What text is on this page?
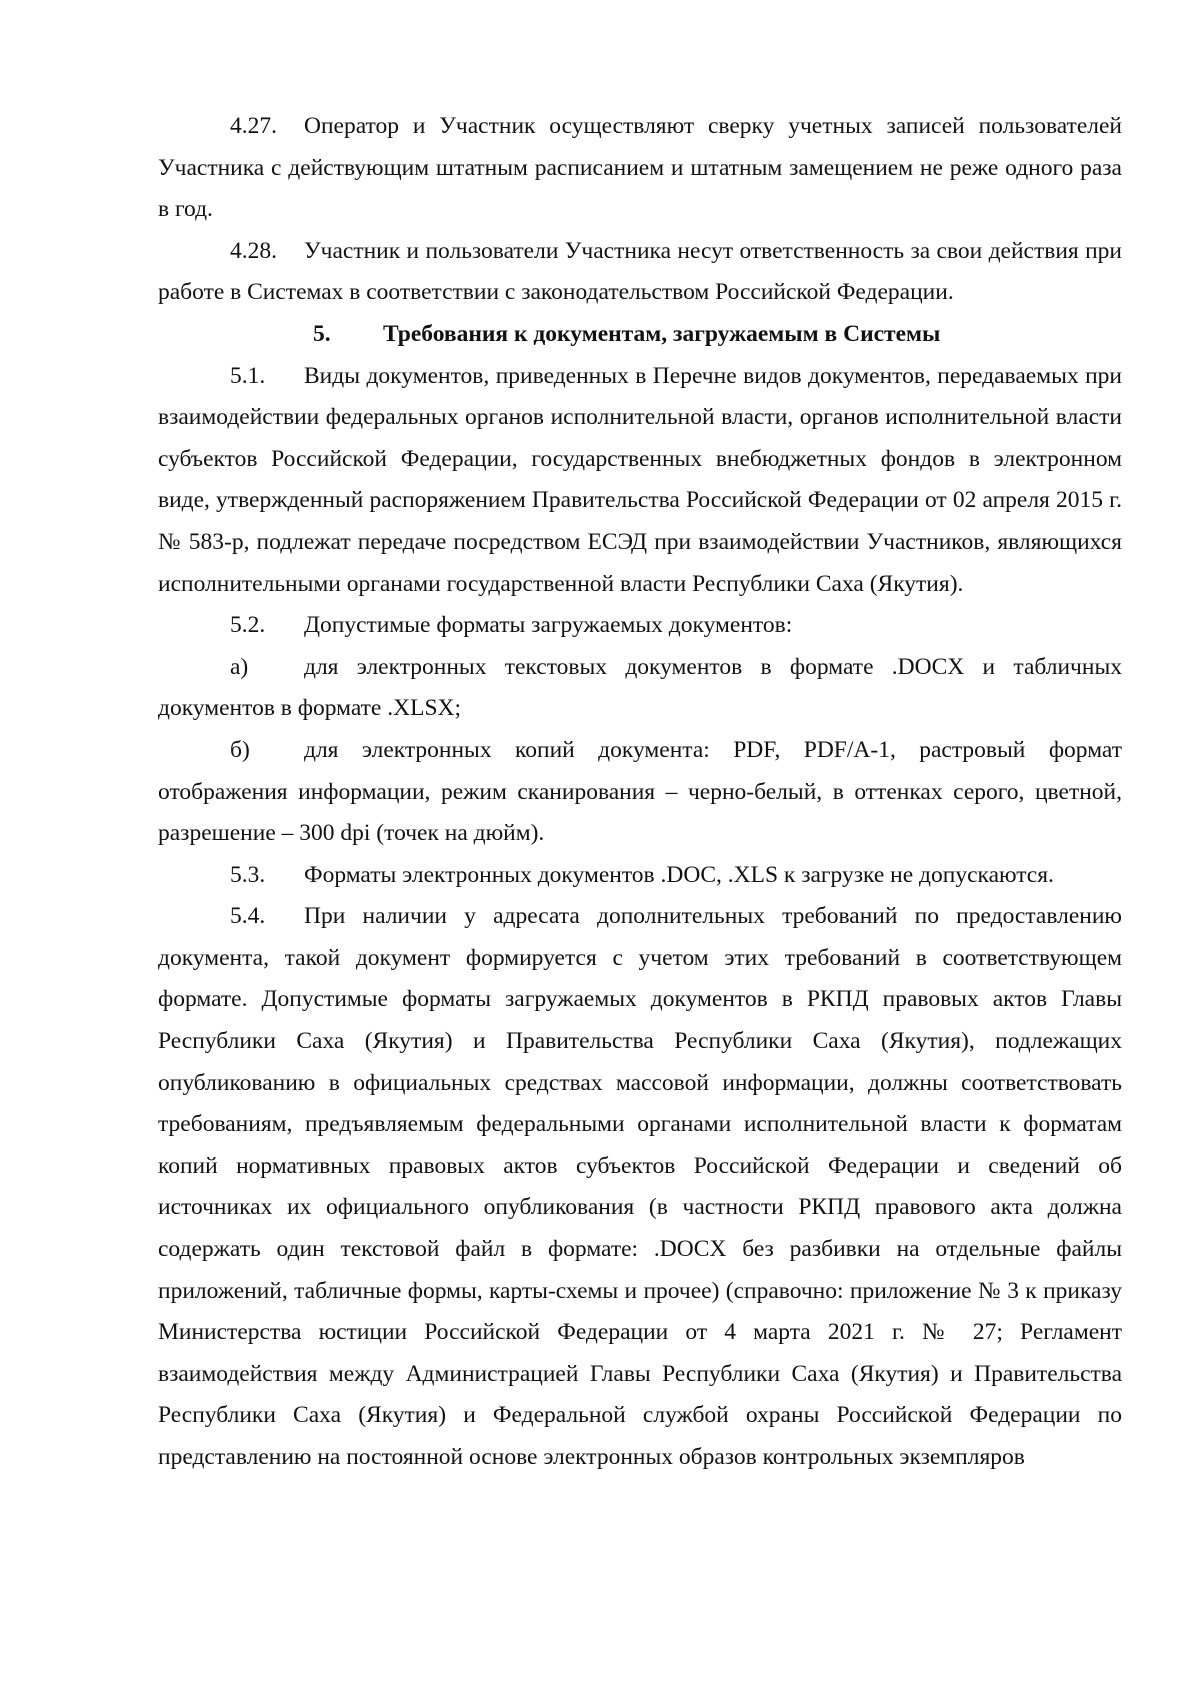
4.27. Оператор и Участник осуществляют сверку учетных записей пользователей Участника с действующим штатным расписанием и штатным замещением не реже одного раза в год.

4.28. Участник и пользователи Участника несут ответственность за свои действия при работе в Системах в соответствии с законодательством Российской Федерации.

5. Требования к документам, загружаемым в Системы

5.1. Виды документов, приведенных в Перечне видов документов, передаваемых при взаимодействии федеральных органов исполнительной власти, органов исполнительной власти субъектов Российской Федерации, государственных внебюджетных фондов в электронном виде, утвержденный распоряжением Правительства Российской Федерации от 02 апреля 2015 г. № 583-р, подлежат передаче посредством ЕСЭД при взаимодействии Участников, являющихся исполнительными органами государственной власти Республики Саха (Якутия).

5.2. Допустимые форматы загружаемых документов:

а) для электронных текстовых документов в формате .DOCX и табличных документов в формате .XLSX;

б) для электронных копий документа: PDF, PDF/A-1, растровый формат отображения информации, режим сканирования – черно-белый, в оттенках серого, цветной, разрешение – 300 dpi (точек на дюйм).

5.3. Форматы электронных документов .DOC, .XLS к загрузке не допускаются.

5.4. При наличии у адресата дополнительных требований по предоставлению документа, такой документ формируется с учетом этих требований в соответствующем формате. Допустимые форматы загружаемых документов в РКПД правовых актов Главы Республики Саха (Якутия) и Правительства Республики Саха (Якутия), подлежащих опубликованию в официальных средствах массовой информации, должны соответствовать требованиям, предъявляемым федеральными органами исполнительной власти к форматам копий нормативных правовых актов субъектов Российской Федерации и сведений об источниках их официального опубликования (в частности РКПД правового акта должна содержать один текстовой файл в формате: .DOCX без разбивки на отдельные файлы приложений, табличные формы, карты-схемы и прочее) (справочно: приложение № 3 к приказу Министерства юстиции Российской Федерации от 4 марта 2021 г. № 27; Регламент взаимодействия между Администрацией Главы Республики Саха (Якутия) и Правительства Республики Саха (Якутия) и Федеральной службой охраны Российской Федерации по представлению на постоянной основе электронных образов контрольных экземпляров
